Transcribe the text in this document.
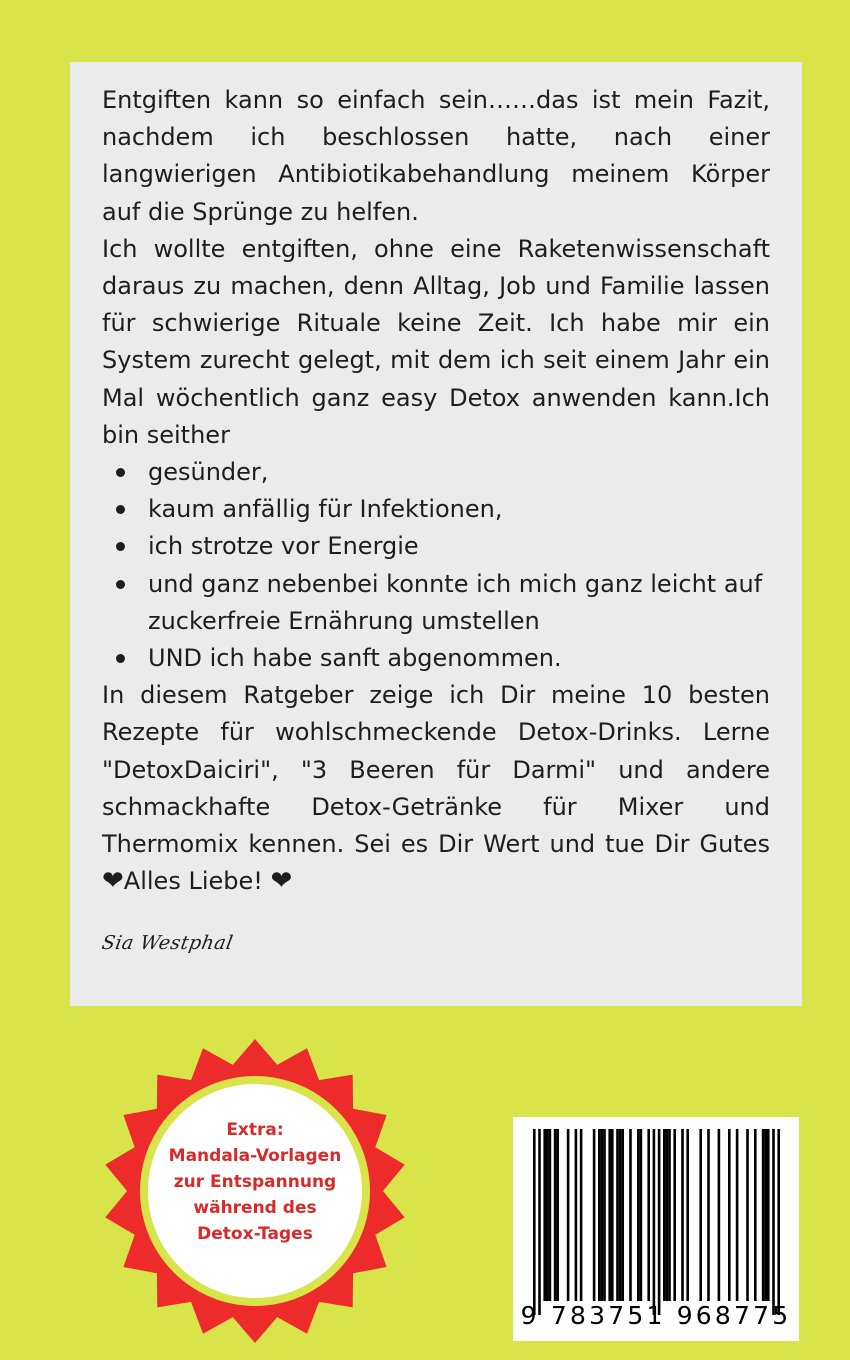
Entgiften kann so einfach sein……das ist mein Fazit, nachdem ich beschlossen hatte, nach einer langwierigen Antibiotikabehandlung meinem Körper auf die Sprünge zu helfen.

Ich wollte entgiften, ohne eine Raketenwissenschaft daraus zu machen, denn Alltag, Job und Familie lassen für schwierige Rituale keine Zeit. Ich habe mir ein System zurecht gelegt, mit dem ich seit einem Jahr ein Mal wöchentlich ganz easy Detox anwenden kann.Ich bin seither

gesünder,
kaum anfällig für Infektionen,
ich strotze vor Energie
und ganz nebenbei konnte ich mich ganz leicht auf zuckerfreie Ernährung umstellen
UND ich habe sanft abgenommen.

In diesem Ratgeber zeige ich Dir meine 10 besten Rezepte für wohlschmeckende Detox-Drinks. Lerne "DetoxDaiciri", "3 Beeren für Darmi" und andere schmackhafte Detox-Getränke für Mixer und Thermomix kennen. Sei es Dir Wert und tue Dir Gutes ❤Alles Liebe! ❤

Sia Westphal
Extra:
Mandala-Vorlagen
zur Entspannung
während des
Detox-Tages
9 783751 968775
